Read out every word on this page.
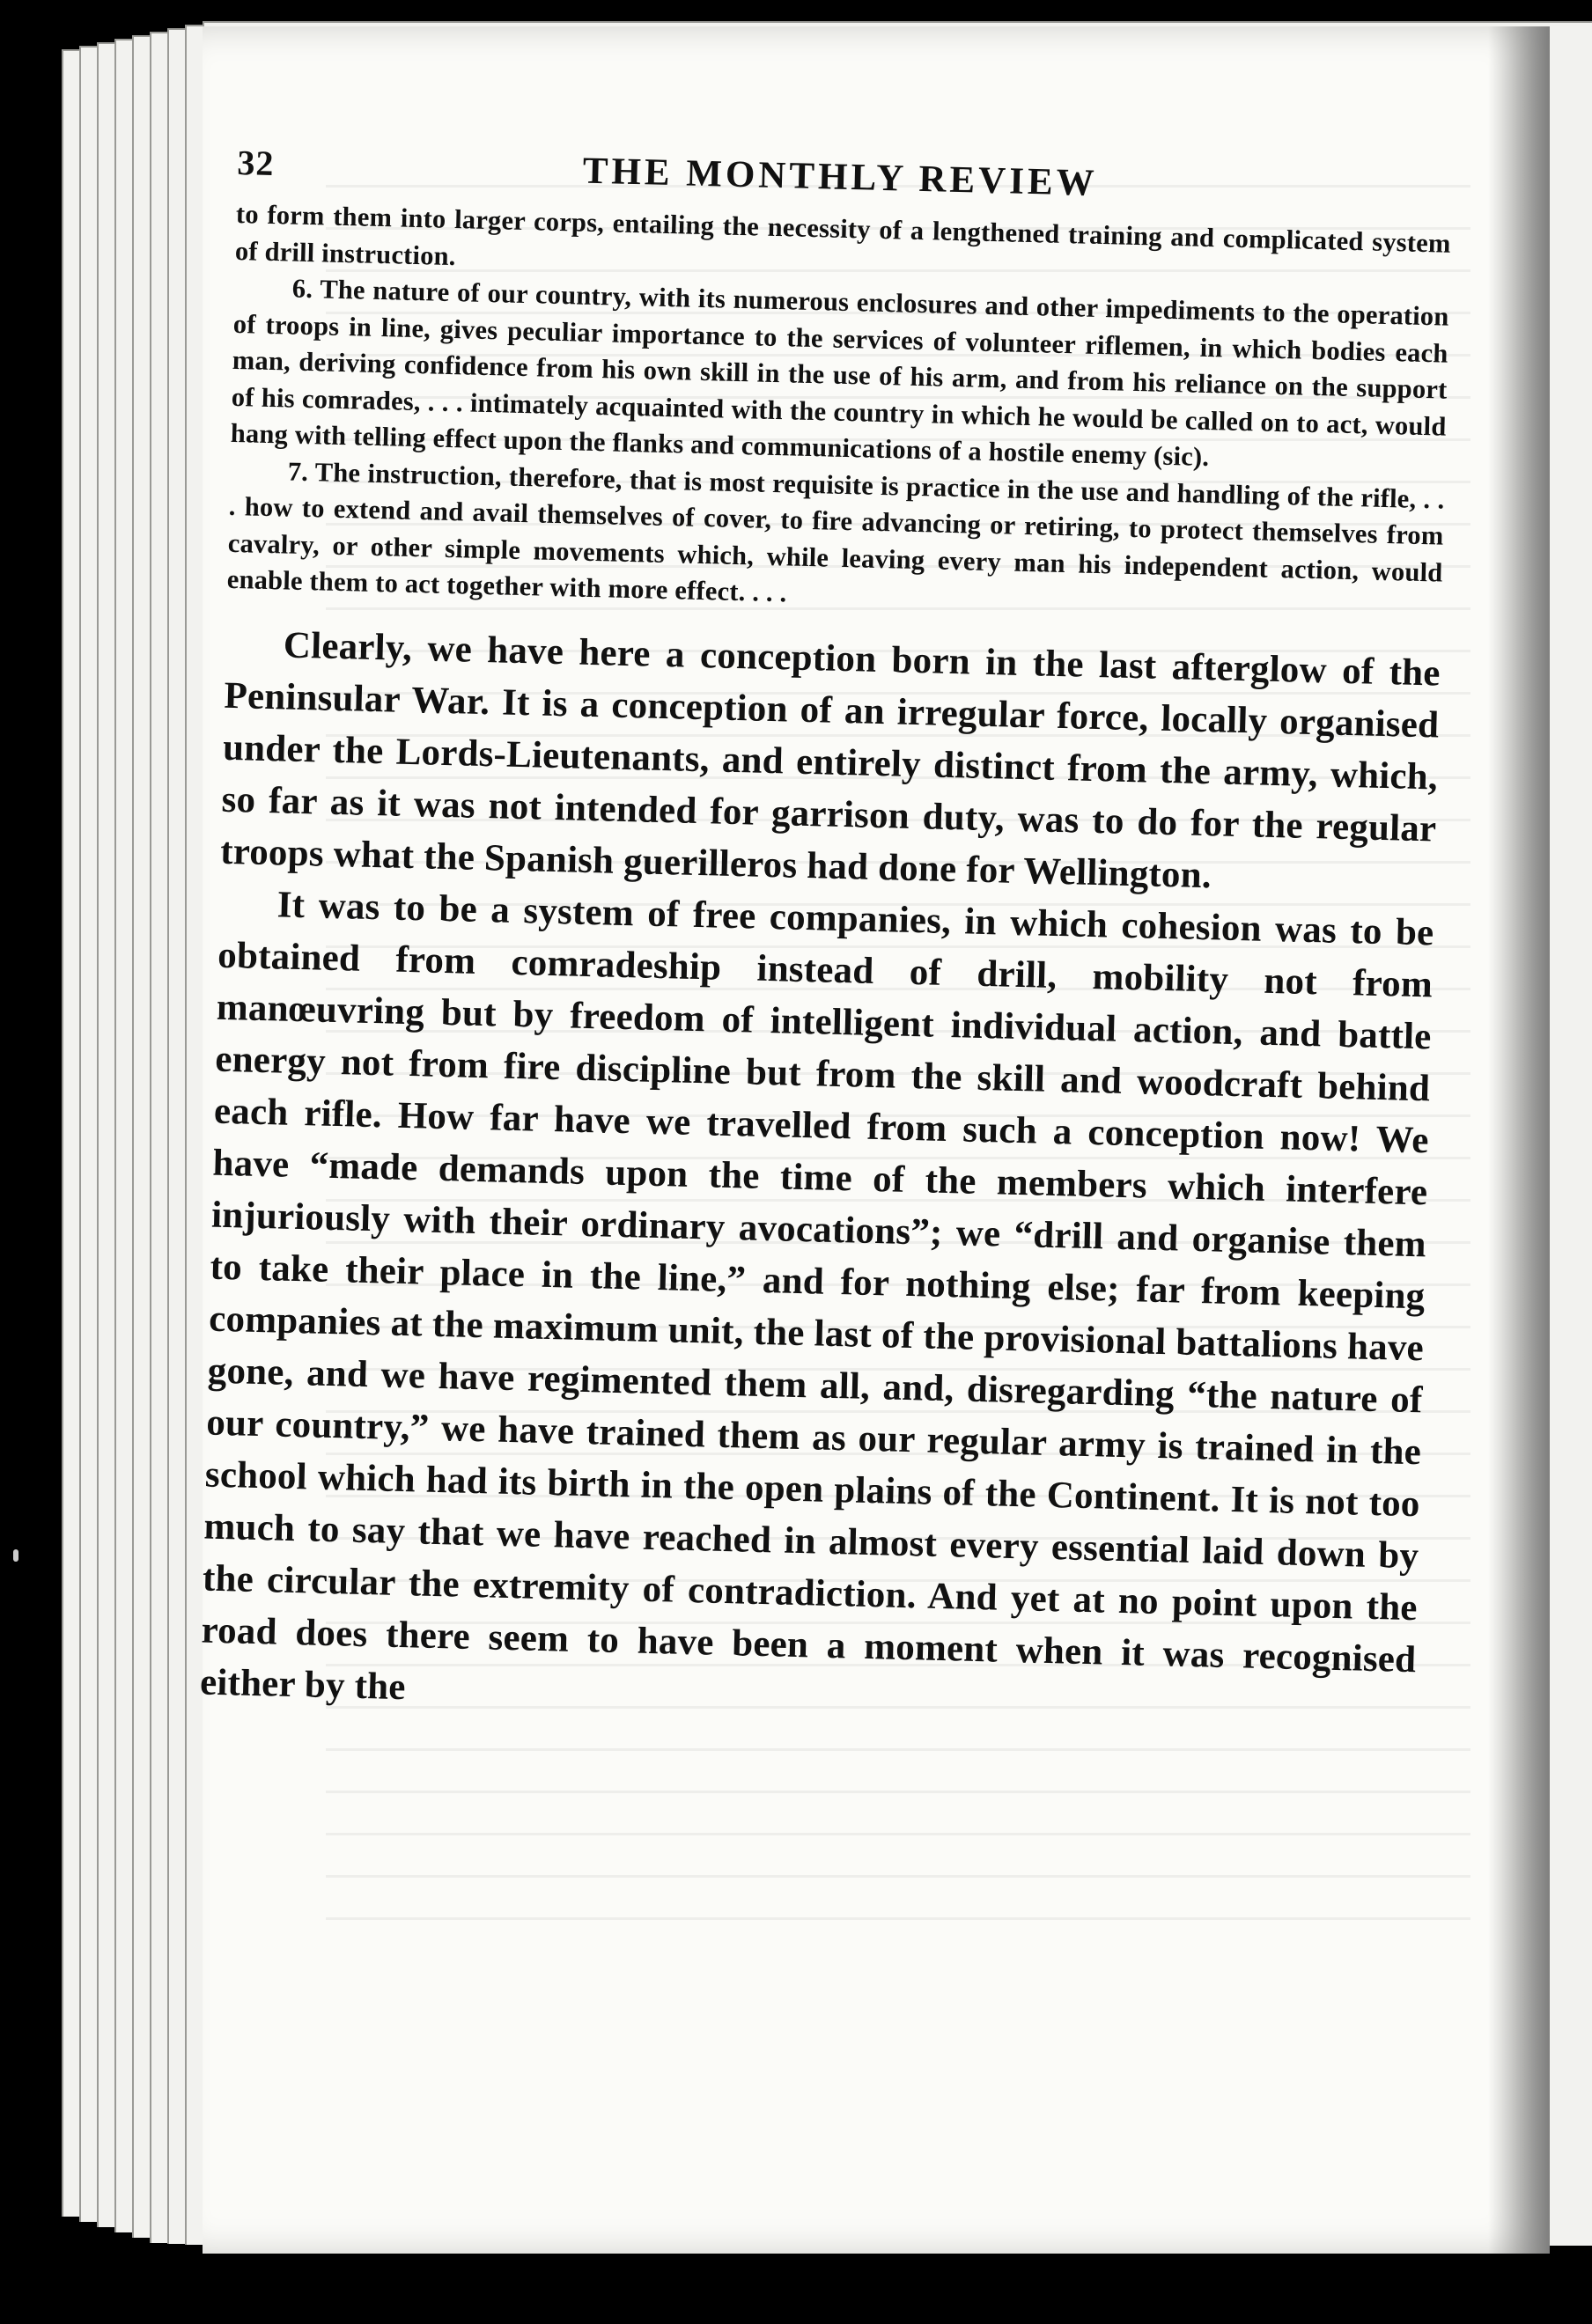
32	THE MONTHLY REVIEW

to form them into larger corps, entailing the necessity of a lengthened training and complicated system of drill instruction.

6. The nature of our country, with its numerous enclosures and other impediments to the operation of troops in line, gives peculiar importance to the services of volunteer riflemen, in which bodies each man, deriving confidence from his own skill in the use of his arm, and from his reliance on the support of his comrades, . . . intimately acquainted with the country in which he would be called on to act, would hang with telling effect upon the flanks and communications of a hostile enemy (sic).

7. The instruction, therefore, that is most requisite is practice in the use and handling of the rifle, . . . how to extend and avail themselves of cover, to fire advancing or retiring, to protect themselves from cavalry, or other simple movements which, while leaving every man his independent action, would enable them to act together with more effect. . . .

Clearly, we have here a conception born in the last afterglow of the Peninsular War. It is a conception of an irregular force, locally organised under the Lords-Lieutenants, and entirely distinct from the army, which, so far as it was not intended for garrison duty, was to do for the regular troops what the Spanish guerilleros had done for Wellington.

It was to be a system of free companies, in which cohesion was to be obtained from comradeship instead of drill, mobility not from manœuvring but by freedom of intelligent individual action, and battle energy not from fire discipline but from the skill and woodcraft behind each rifle. How far have we travelled from such a conception now! We have “made demands upon the time of the members which interfere injuriously with their ordinary avocations”; we “drill and organise them to take their place in the line,” and for nothing else; far from keeping companies at the maximum unit, the last of the provisional battalions have gone, and we have regimented them all, and, disregarding “the nature of our country,” we have trained them as our regular army is trained in the school which had its birth in the open plains of the Continent. It is not too much to say that we have reached in almost every essential laid down by the circular the extremity of contradiction. And yet at no point upon the road does there seem to have been a moment when it was recognised either by the
